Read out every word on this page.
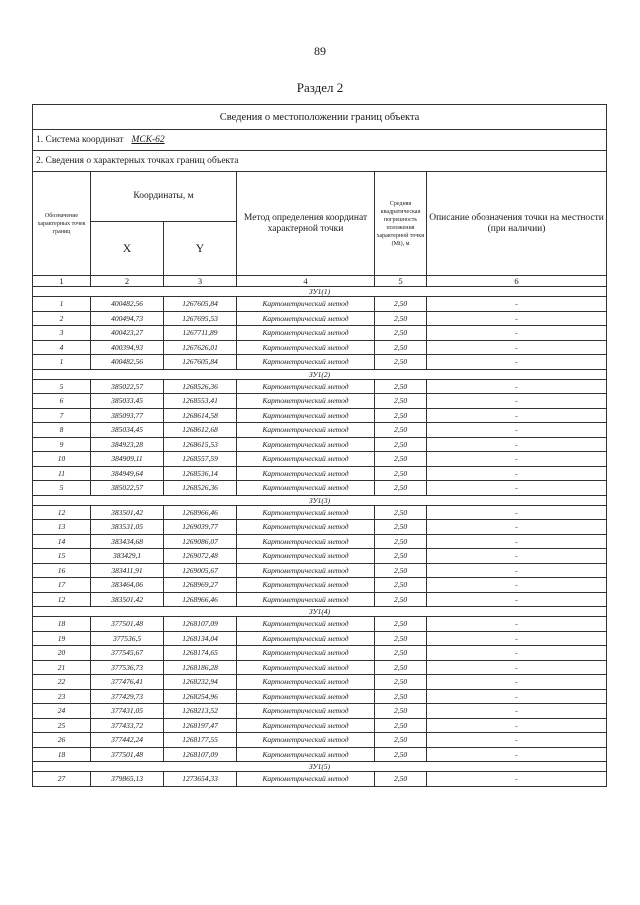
89
Раздел 2
Сведения о местоположении границ объекта					
1. Система координат МСК-62					
2. Сведения о характерных точках границ объекта					
Обозначение характерных точек границ	Координаты, м		Метод определения координат характерной точки	Средняя квадратическая погрешность положения характерной точки (Mt), м	Описание обозначения точки на местности (при наличии)
	X	Y			
1	2	3	4	5	6
ЗУ1(1)					
1	400482,56	1267605,84	Картометрический метод	2,50	-
2	400494,73	1267695,53	Картометрический метод	2,50	-
3	400423,27	1267711,89	Картометрический метод	2,50	-
4	400394,93	1267626,01	Картометрический метод	2,50	-
1	400482,56	1267605,84	Картометрический метод	2,50	-
ЗУ1(2)					
5	385022,57	1268526,36	Картометрический метод	2,50	-
6	385033,45	1268553,41	Картометрический метод	2,50	-
7	385093,77	1268614,58	Картометрический метод	2,50	-
8	385034,45	1268612,68	Картометрический метод	2,50	-
9	384923,28	1268615,53	Картометрический метод	2,50	-
10	384909,11	1268557,59	Картометрический метод	2,50	-
11	384949,64	1268536,14	Картометрический метод	2,50	-
5	385022,57	1268526,36	Картометрический метод	2,50	-
ЗУ1(3)					
12	383501,42	1268966,46	Картометрический метод	2,50	-
13	383531,05	1269039,77	Картометрический метод	2,50	-
14	383434,68	1269086,07	Картометрический метод	2,50	-
15	383429,1	1269072,48	Картометрический метод	2,50	-
16	383411,91	1269005,67	Картометрический метод	2,50	-
17	383464,06	1268969,27	Картометрический метод	2,50	-
12	383501,42	1268966,46	Картометрический метод	2,50	-
ЗУ1(4)					
18	377501,48	1268107,09	Картометрический метод	2,50	-
19	377536,5	1268134,04	Картометрический метод	2,50	-
20	377545,67	1268174,65	Картометрический метод	2,50	-
21	377536,73	1268186,28	Картометрический метод	2,50	-
22	377476,41	1268232,94	Картометрический метод	2,50	-
23	377429,73	1268254,96	Картометрический метод	2,50	-
24	377431,05	1268213,52	Картометрический метод	2,50	-
25	377433,72	1268197,47	Картометрический метод	2,50	-
26	377442,24	1268177,55	Картометрический метод	2,50	-
18	377501,48	1268107,09	Картометрический метод	2,50	-
ЗУ1(5)					
27	379865,13	1273654,33	Картометрический метод	2,50	-
